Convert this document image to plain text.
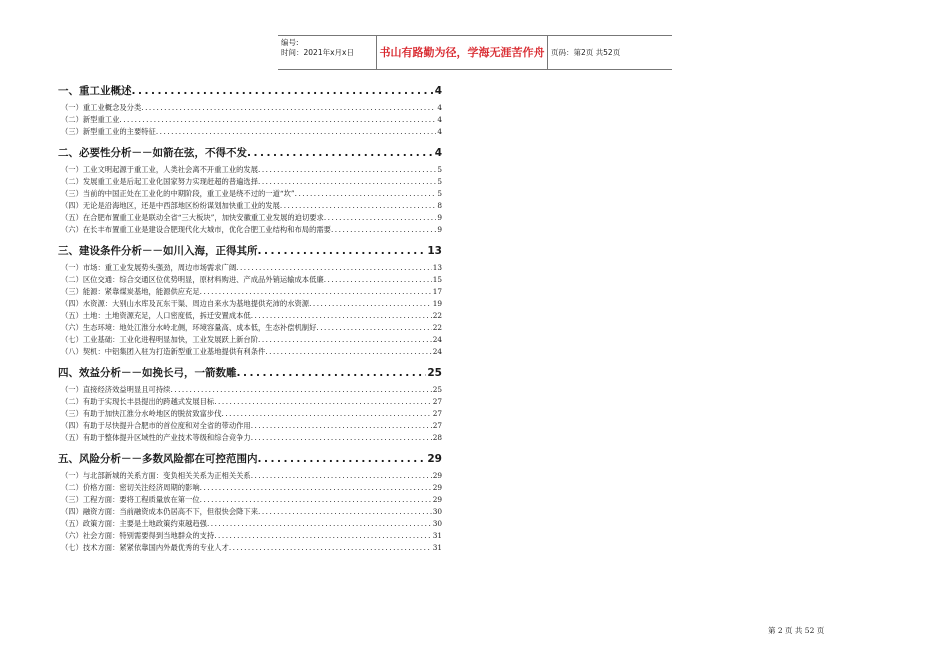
编号:
时间：2021年x月x日	书山有路勤为径，学海无涯苦作舟 页码：第2页 共52页
一、重工业概述 .....	4
（一）重工业概念及分类 .....	4
（二）新型重工业 .....	4
（三）新型重工业的主要特征 .....	4
二、必要性分析－－如箭在弦，不得不发 .....	4
（一）工业文明起源于重工业，人类社会离不开重工业的发展 .....	5
（二）发展重工业是后起工业化国家努力实现赶超的普遍选择 .....	5
（三）当前的中国正处在工业化的中期阶段，重工业是绕不过的一道“坎” .....	5
（四）无论是沿海地区，还是中西部地区纷纷谋划加快重工业的发展 .....	8
（五）在合肥布置重工业是联动全省“三大板块”，加快安徽重工业发展的迫切要求 .....	9
（六）在长丰布置重工业是建设合肥现代化大城市，优化合肥工业结构和布局的需要 .....	9
三、建设条件分析－－如川入海，正得其所 .....	13
（一）市场：重工业发展势头强劲，周边市场需求广阔 .....	13
（二）区位交通：综合交通区位优势明显，原材料购进、产成品外销运输成本低廉 .....	15
（三）能源：紧靠煤炭基地，能源供应充足 .....	17
（四）水资源：大别山水库及瓦东干渠、周边自来水为基地提供充沛的水资源 .....	19
（五）土地：土地资源充足，人口密度低，拆迁安置成本低 .....	22
（六）生态环境：地处江淮分水岭北侧，环境容量高、成本低，生态补偿机制好 .....	22
（七）工业基础：工业化进程明显加快，工业发展跃上新台阶 .....	24
（八）契机：中铝集团入驻为打造新型重工业基地提供有利条件 .....	24
四、效益分析－－如挽长弓，一箭数雕 .....	25
（一）直接经济效益明显且可持续 .....	25
（二）有助于实现长丰县提出的跨越式发展目标 .....	27
（三）有助于加快江淮分水岭地区的脱贫致富步伐 .....	27
（四）有助于尽快提升合肥市的首位度和对全省的带动作用 .....	27
（五）有助于整体提升区域性的产业技术等级和综合竞争力 .....	28
五、风险分析－－多数风险都在可控范围内 .....	29
（一）与北部新城的关系方面：变负相关关系为正相关关系 .....	29
（二）价格方面：密切关注经济周期的影响 .....	29
（三）工程方面：要将工程质量放在第一位 .....	29
（四）融资方面：当前融资成本仍居高不下，但很快会降下来 .....	30
（五）政策方面：主要是土地政策约束越趋强 .....	30
（六）社会方面：特别需要得到当地群众的支持 .....	31
（七）技术方面：紧紧依靠国内外最优秀的专业人才 .....	31
第 2 页 共 52 页
